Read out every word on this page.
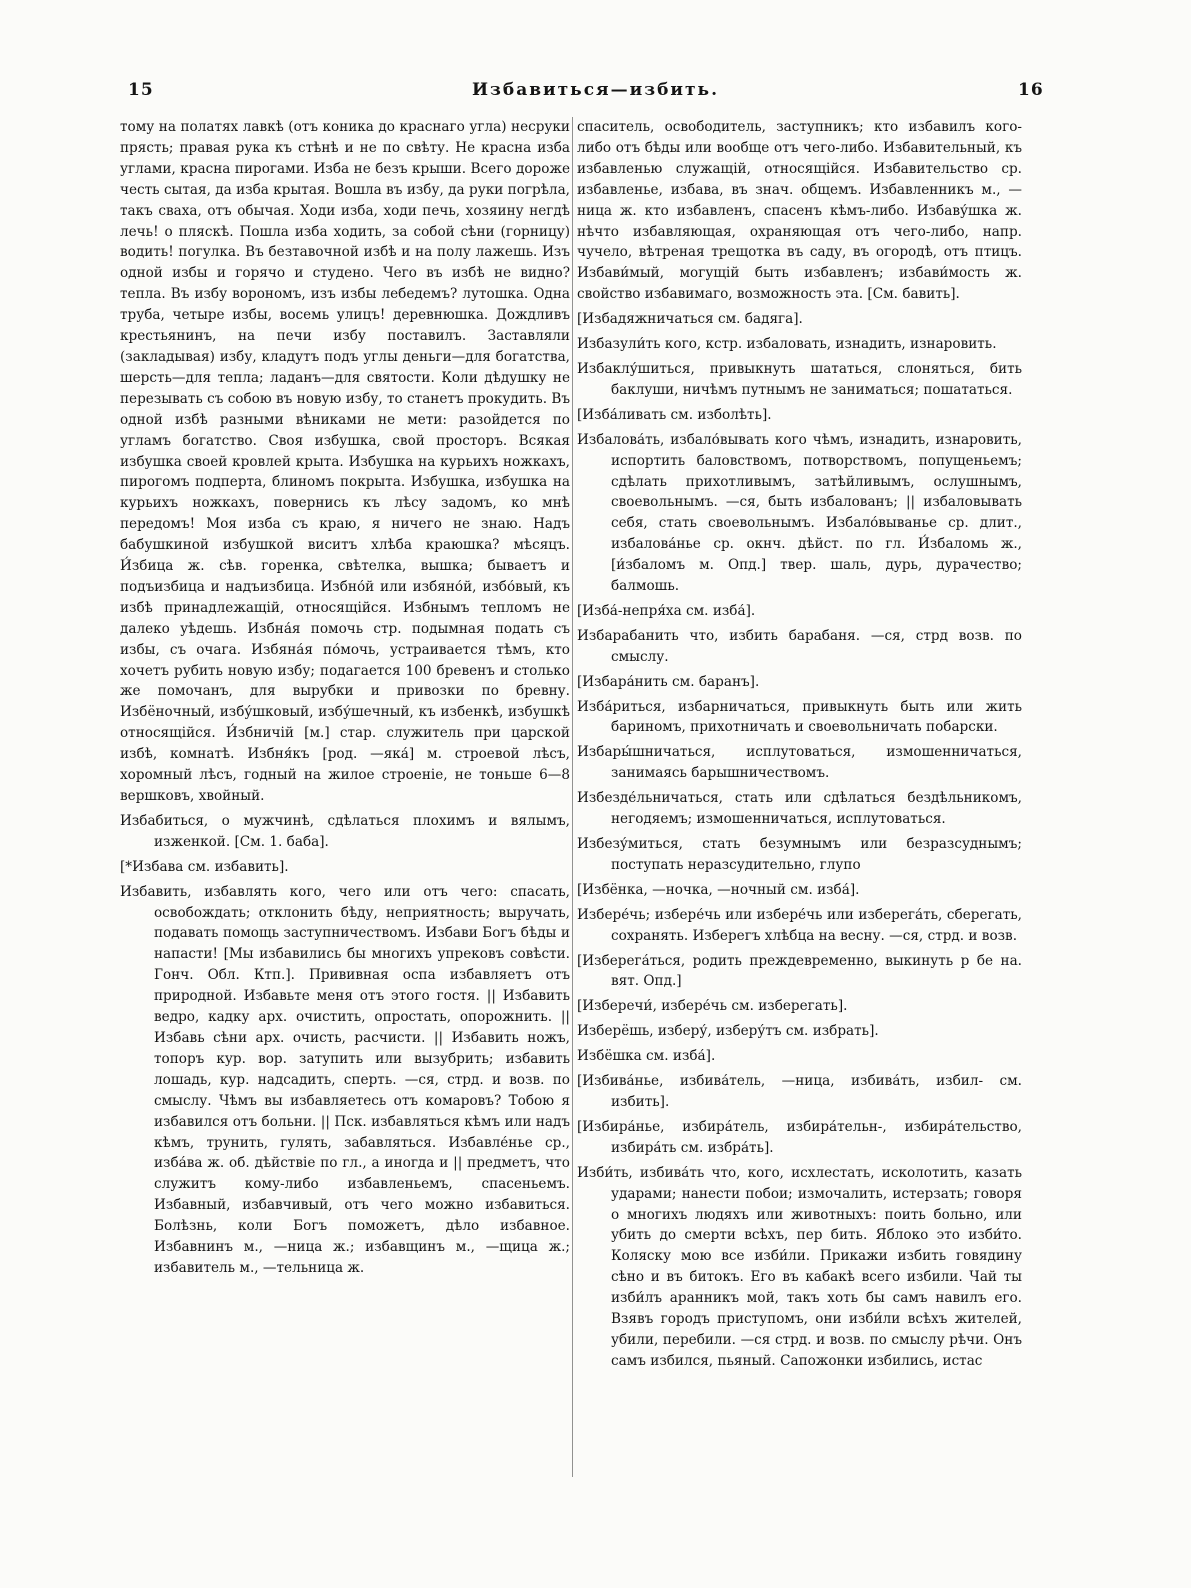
15	Избавиться—избить.	16

тому на полатях лавкѣ (отъ коника до краснаго угла) неcруки прясть; правая рука къ стѣнѣ и не по свѣту. Не красна изба углами, красна пирогами. Изба не безъ крыши. Всего дороже честь сытая, да изба крытая. Вошла въ избу, да руки погрѣла, такъ свахa, отъ обычая. Ходи изба, ходи печь, хозяину негдѣ лечь! о пляскѣ. Пошла изба ходить, за собой сѣни (горницу) водить! погулка. Въ безтавочной избѣ и на полу лажешь. Изъ одной избы и горячо и студено. Чего въ избѣ не видно? тепла. Въ избу ворономъ, изъ избы лебедемъ? лутошка. Одна труба, четыре избы, восемь улицъ! деревнюшка. Дождливъ крестьянинъ, на печи избу поставилъ. Заставляли (закладывая) избу, кладутъ подъ углы деньги—для богатства, шерсть—для тепла; ладанъ—для святости. Коли дѣдушку не перезывать съ собою въ новую избу, то станетъ прокудить. Въ одной избѣ разными вѣниками не мети: разойдется по угламъ богатство. Своя избушка, свой просторъ. Всякая избушка своей кровлей крыта. Избушка на курьихъ ножкахъ, пирогомъ подперта, блиномъ покрыта. Избушка, избушка на курьихъ ножкахъ, повернись къ лѣсу задомъ, ко мнѣ передомъ! Моя изба съ краю, я ничего не знаю. Надъ бабушкиной избушкой виситъ хлѣба краюшка? мѣсяцъ. И́збица ж. сѣв. горенка, свѣтелка, вышка; бываетъ и подъизбица и надъизбица. Избно́й или избяно́й, избо́вый, къ избѣ принадлежащій, относящійся. Избнымъ тепломъ не далеко уѣдешь. Избна́я помочь стр. подымная подать съ избы, съ очага. Избяна́я по́мочь, устраивается тѣмъ, кто хочетъ рубить новую избу; подагается 100 бревенъ и столько же помочанъ, для вырубки и привозки по бревну. Избёночный, избу́шковый, избу́шечный, къ избенкѣ, избушкѣ относящійся. И́збничій [м.] стар. служитель при царской избѣ, комнатѣ. Избня́къ [род. —яка́] м. строевой лѣсъ, хоромный лѣсъ, годный на жилое строеніе, не тоньше 6—8 вершковъ, хвойный.

Избабиться, о мужчинѣ, сдѣлаться плохимъ и вялымъ, изженкой. [См. 1. баба].

[*Избава см. избавить].

Избавить, избавлять кого, чего или отъ чего: спасать, освобождать; отклонить бѣду, неприятность; выручать, подавать помощь заступничествомъ. Избави Богъ бѣды и напасти! [Мы избавились бы многихъ упрековъ совѣсти. Гонч. Обл. Ктп.]. Прививная оспа избавляетъ отъ природной. Избавьте меня отъ этого гостя. || Избавить ведро, кадку арх. очистить, опростать, опорожнить. || Избавь сѣни арх. очисть, расчисти. || Избавить ножъ, топоръ кур. вор. затупить или вызубрить; избавить лошадь, кур. надсадить, сперть. —ся, стрд. и возв. по смыслу. Чѣмъ вы избавляетесь отъ комаровъ? Тобою я избавился отъ больни. || Пск. избавляться кѣмъ или надъ кѣмъ, трунить, гулять, забавляться. Избавле́нье ср., изба́ва ж. об. дѣйствіе по гл., а иногда и || предметъ, что служитъ кому-либо избавленьемъ, спасеньемъ. Избавный, избавчивый, отъ чего можно избавиться. Болѣзнь, коли Богъ поможетъ, дѣло избавное. Избавнинъ м., —ница ж.; избавщинъ м., —щица ж.; избавитель м., —тельница ж.

спаситель, освободитель, заступникъ; кто избавилъ кого-либо отъ бѣды или вообще отъ чего-либо. Избавительный, къ избавленью служащій, относящійся. Избавительство ср. избавленье, избава, въ знач. общемъ. Избавленникъ м., —ница ж. кто избавленъ, спасенъ кѣмъ-либо. Избаву́шка ж. нѣчто избавляющая, охраняющая отъ чего-либо, напр. чучело, вѣтреная трещотка въ саду, въ огородѣ, отъ птицъ. Избави́мый, могущій быть избавленъ; избави́мость ж. свойство избавимаго, возможность эта. [См. бавить].

[Избадяжничаться см. бадяга].

Избазули́ть кого, кстр. избаловать, изнадить, изнаровить.

Избаклу́шиться, привыкнуть шататься, слоняться, бить баклуши, ничѣмъ путнымъ не заниматься; пошататься.

[Изба́ливать см. изболѣть].

Избалова́ть, избало́вывать кого чѣмъ, изнадить, изнаровить, испортить баловствомъ, потворствомъ, попущеньемъ; сдѣлать прихотливымъ, затѣйливымъ, ослушнымъ, своевольнымъ. —ся, быть избалованъ; || избаловывать себя, стать своевольнымъ. Избало́выванье ср. длит., избалова́нье ср. окнч. дѣйст. по гл. И́збаломь ж., [и́збаломъ м. Опд.] твер. шаль, дурь, дурачество; балмошь.

[Изба́-непря́ха см. изба́].

Избарабанить что, избить барабаня. —ся, стрд возв. по смыслу.

[Избара́нить см. баранъ].

Изба́риться, избарничаться, привыкнуть быть или жить бариномъ, прихотничать и своевольничать побарски.

Избары́шничаться, исплутоваться, измошенничаться, занимаясь барышничествомъ.

Избезде́льничаться, стать или сдѣлаться бездѣльникомъ, негодяемъ; измошенничаться, исплутоваться.

Избезу́миться, стать безумнымъ или безразсуднымъ; поступать неразсудительно, глупо

[Избёнка, —ночка, —ночный см. изба́].

Избере́чь; избере́чь или избере́чь или изберега́ть, сберегать, сохранять. Изберегъ хлѣбца на весну. —ся, стрд. и возв.

[Изберега́ться, родить преждевременно, выкинуть р бе на. вят. Опд.]

[Изберечи́, избере́чь см. изберегать].

Изберёшь, изберу́, изберу́тъ см. избрать].

Избёшка см. изба́].

[Избива́нье, избива́тель, —ница, избива́ть, избил- см. избить].

[Избира́нье, избира́тель, избира́тельн-, избира́тельство, избира́ть см. избра́ть].

Изби́ть, избива́ть что, кого, исхлестать, исколотить, казать ударами; нанести побои; измочалить, истерзать; говоря о многихъ людяхъ или животныхъ: поить больно, или убить до смерти всѣхъ, пер бить. Яблоко это изби́то. Коляску мою все изби́ли. Прикажи избить говядину сѣно и въ битокъ. Его въ кабакѣ всего избили. Чай ты изби́лъ аранникъ мой, такъ хоть бы самъ навилъ его. Взявъ городъ приступомъ, они изби́ли всѣхъ жителей, убили, перебили. —ся стрд. и возв. по смыслу рѣчи. Онъ самъ избился, пьяный. Сапожонки избились, истас
